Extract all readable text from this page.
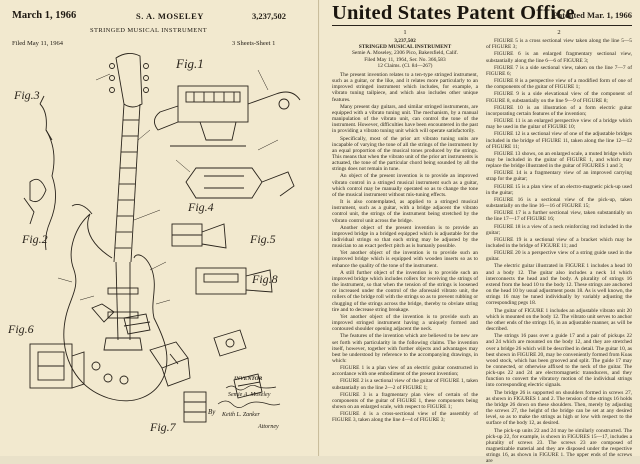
March 1, 1966	S. A. MOSELEY	3,237,502
STRINGED MUSICAL INSTRUMENT
Filed May 11, 1964	3 Sheets-Sheet 1
Fig.3
Fig.1
Fig.2
Fig.4
Fig.5
Fig.6
Fig.7
Fig.8
INVENTOR
Semie A. Moseley
By Keith L. Zanker
Attorney
United States Patent Office
Patented Mar. 1, 1966
1
3,237,502
STRINGED MUSICAL INSTRUMENT
Semie A. Moseley, 2306 Pico, Bakersfield, Calif.
Filed May 11, 1964, Ser. No. 366,583
12 Claims. (Cl. 84—267)

The present invention relates to a ten-type stringed instrument, such as a guitar, or the like, and it relates more particularly to an improved stringed instrument which includes, for example, a vibrato tuning tailpiece, and which also includes other unique features.

Many present day guitars, and similar stringed instruments, are equipped with a vibrato tuning unit. The mechanism, by a manual manipulation of the vibrato unit, can control the tone of the instrument. However, difficulties have been encountered in the past in providing a vibrato tuning unit which will operate satisfactorily.

Specifically, most of the prior art vibrato tuning units are incapable of varying the tone of all the strings of the instrument by an equal proportion of the musical tones produced by the strings. This means that when the vibrato unit of the prior art instruments is actuated, the tone of the particular chord being sounded by all the strings does not remain in tune.

An object of the present invention is to provide an improved vibrato control in a stringed musical instrument such as a guitar, which control may be manually operated so as to change the tone of the musical instrument without mis-tuning effects.

It is also contemplated, as applied to a stringed musical instrument, such as a guitar, with a bridge adjacent the vibrato control unit, the strings of the instrument being stretched by the vibrato control unit across the bridge.

Another object of the present invention is to provide an improved bridge in a bridged equipped which is adjustable for the individual strings so that each string may be adjusted by the musician to an exact perfect pitch as is humanly possible.

Yet another object of the invention is to provide such an improved bridge which is equipped with wooden inserts so as to enhance the quality of the tone of the instrument.

A still further object of the invention is to provide such an improved bridge which includes rollers for receiving the strings of the instrument, so that when the tension of the strings is loosened or increased under the control of the aforesaid vibrato unit, the rollers of the bridge roll with the strings so as to prevent rubbing or chugging of the strings across the bridge, thereby to obviate string tire and to decrease string breakage.

Yet another object of the invention is to provide such an improved stringed instrument having a uniquely formed and contoured shoulder opening adjacent the neck.

The features of the invention which are believed to be new are set forth with particularity in the following claims. The invention itself, however, together with further objects and advantages may best be understood by reference to the accompanying drawings, in which:

FIGURE 1 is a plan view of an electric guitar constructed in accordance with one embodiment of the present invention;

FIGURE 2 is a sectional view of the guitar of FIGURE 1, taken substantially on the line 2—2 of FIGURE 1;

FIGURE 3 is a fragmentary plan view of certain of the components of the guitar of FIGURE 1, these components being shown on an enlarged scale, with respect to FIGURE 1;

FIGURE 4 is a cross-sectional view of the assembly of FIGURE 3, taken along the line 4—4 of FIGURE 3;

2

FIGURE 5 is a cross sectional view taken along the line 5—5 of FIGURE 3;

FIGURE 6 is an enlarged fragmentary sectional view, substantially along the line 6—6 of FIGURE 3;

FIGURE 7 is a side sectional view, taken on the line 7—7 of FIGURE 6;

FIGURE 8 is a perspective view of a modified form of one of the components of the guitar of FIGURE 1;

FIGURE 9 is a side elevational view of the component of FIGURE 8, substantially on the line 9—9 of FIGURE 8;

FIGURE 10 is an illustration of a form electric guitar incorporating certain features of the invention;

FIGURE 11 is an enlarged perspective view of a bridge which may be used in the guitar of FIGURE 10;

FIGURE 12 is a sectional view of one of the adjustable bridges included in the bridge of FIGURE 11, taken along the line 12—12 of FIGURE 11;

FIGURE 13 shows, on an enlarged scale, a muted bridge which may be included in the guitar of FIGURE 1, and which may replace the bridge illustrated in the guitar of FIGURES 1 and 3;

FIGURE 14 is a fragmentary view of an improved carrying strap for the guitar;

FIGURE 15 is a plan view of an electro-magnetic pick-up used in the guitar;

FIGURE 16 is a sectional view of the pick-up, taken substantially on the line 16—16 of FIGURE 15;

FIGURE 17 is a further sectional view, taken substantially on the line 17—17 of FIGURE 16;

FIGURE 18 is a view of a neck reinforcing rod included in the guitar;

FIGURE 19 is a sectional view of a bracket which may be included in the bridge of FIGURE 11; and

FIGURE 20 is a perspective view of a string guide used in the guitar.

The electric guitar illustrated in FIGURE 1 includes a head 10 and a body 12. The guitar also includes a neck 14 which interconnects the head and the body. A plurality of strings 16 extend from the head 10 to the body 12. These strings are anchored on the head 10 by usual adjustment posts 18. As is well known, the strings 16 may be tuned individually by variably adjusting the corresponding pegs 18.

The guitar of FIGURE 1 includes an adjustable vibrato unit 20 which is mounted on the body 12. The vibrato unit serves to anchor the other ends of the strings 16, in an adjustable manner, as will be described.

The strings 16 pass over a guide 17 and a pair of pickups 22 and 24 which are mounted on the body 12, and they are stretched over a bridge 26 which will be described in detail. The guitar 10, as best shown in FIGURE 20, may be conveniently formed from Koas wood stock, which has been grooved and split. The guide 17 may be connected, or otherwise affixed to the neck of the guitar. The pick-ups 22 and 24 are electromagnetic transducers, and they function to convert the vibratory motion of the individual strings into corresponding electric signals.

The bridge 26 is supported on shoulders formed in screws 27, as shown in FIGURES 1 and 2. The tension of the strings 16 holds the bridge 26 down on these shoulders. Then, merely by adjusting the screws 27, the height of the bridge can be set at any desired level, so as to make the strings as high or low with respect to the surface of the body 12, as desired.

The pick-up units 22 and 24 may be similarly constructed. The pick-up 22, for example, is shown in FIGURES 15—17, includes a plurality of screws 23. The screws 23 are composed of magnetizable material and they are disposed under the respective strings 16, as shown in FIGURE 1. The upper ends of the screws are
